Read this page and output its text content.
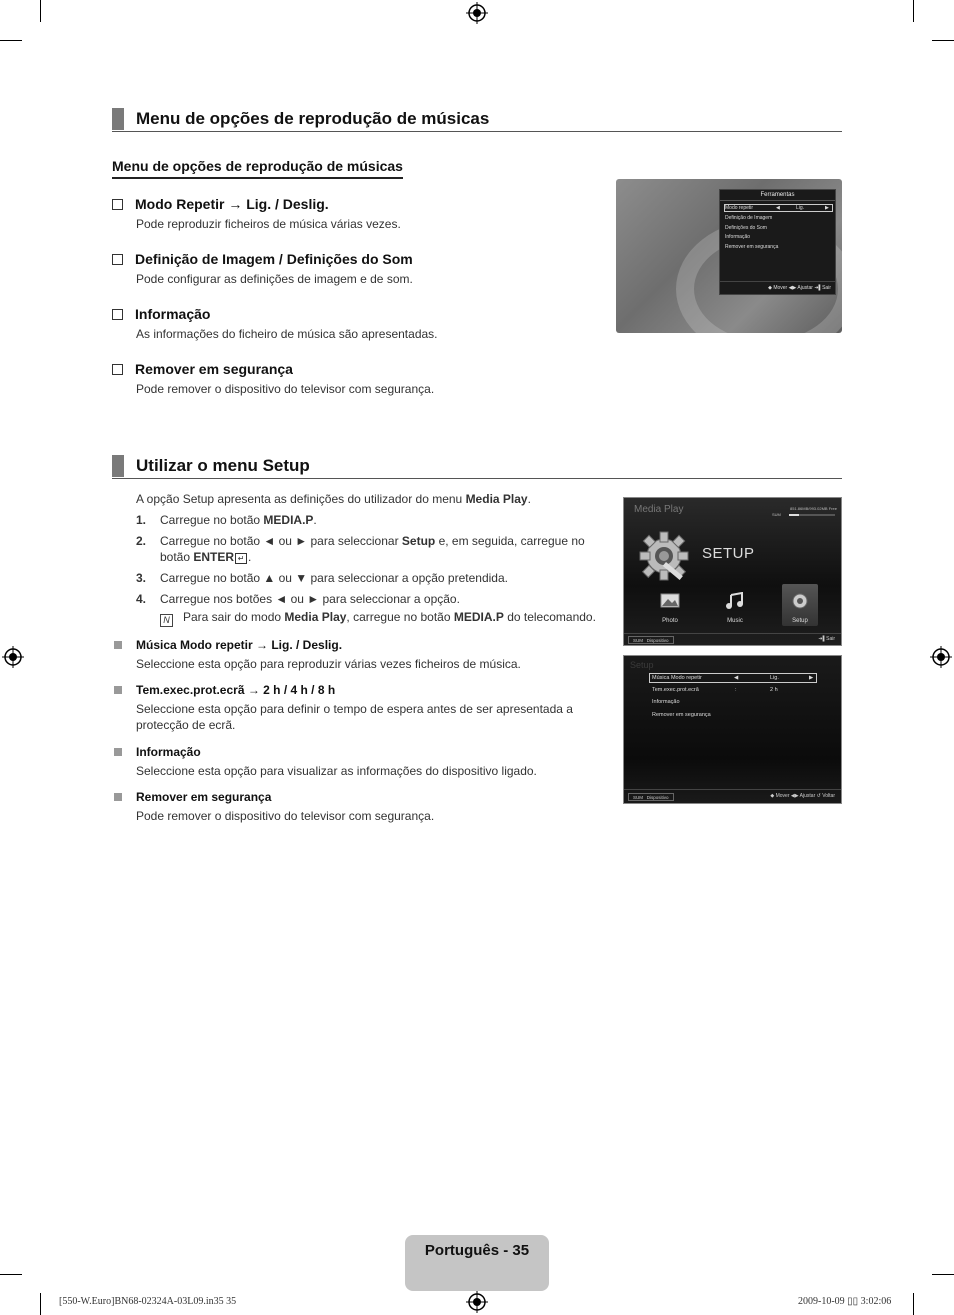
Menu de opções de reprodução de músicas
Menu de opções de reprodução de músicas
Modo Repetir → Lig. / Deslig.
Pode reproduzir ficheiros de música várias vezes.
Definição de Imagem / Definições do Som
Pode configurar as definições de imagem e de som.
Informação
As informações do ficheiro de música são apresentadas.
Remover em segurança
Pode remover o dispositivo do televisor com segurança.
Ferramentas
Modo repetir	Lig.
◀	▶
Definição de Imagem
Definições do Som
Informação
Remover em segurança
◆ Mover ◀▶ Ajustar ➜▌Sair
Utilizar o menu Setup
A opção Setup apresenta as definições do utilizador do menu Media Play.
1. Carregue no botão MEDIA.P.
2. Carregue no botão ◄ ou ► para seleccionar Setup e, em seguida, carregue no botão ENTER ↵ .
3. Carregue no botão ▲ ou ▼ para seleccionar a opção pretendida.
4. Carregue nos botões ◄ ou ► para seleccionar a opção.
N Para sair do modo Media Play, carregue no botão MEDIA.P do telecomando.
Música Modo repetir → Lig. / Deslig.
Seleccione esta opção para reproduzir várias vezes ficheiros de música.
Tem.exec.prot.ecrã → 2 h / 4 h / 8 h
Seleccione esta opção para definir o tempo de espera antes de ser apresentada a protecção de ecrã.
Informação
Seleccione esta opção para visualizar as informações do dispositivo ligado.
Remover em segurança
Pode remover o dispositivo do televisor com segurança.
Media Play	851.86MB/993.02MB Free
SUM
SETUP
Photo	Music	Setup
SUM Dispositivo	➜▌Sair
Setup
Música Modo repetir	◀	Lig.	▶
Tem.exec.prot.ecrã	:	2 h
Informação
Remover em segurança
SUM Dispositivo	◆ Mover ◀▶ Ajustar ↺ Voltar
Português - 35
[550-W.Euro]BN68-02324A-03L09.in35 35	2009-10-09 ▯▯ 3:02:06
